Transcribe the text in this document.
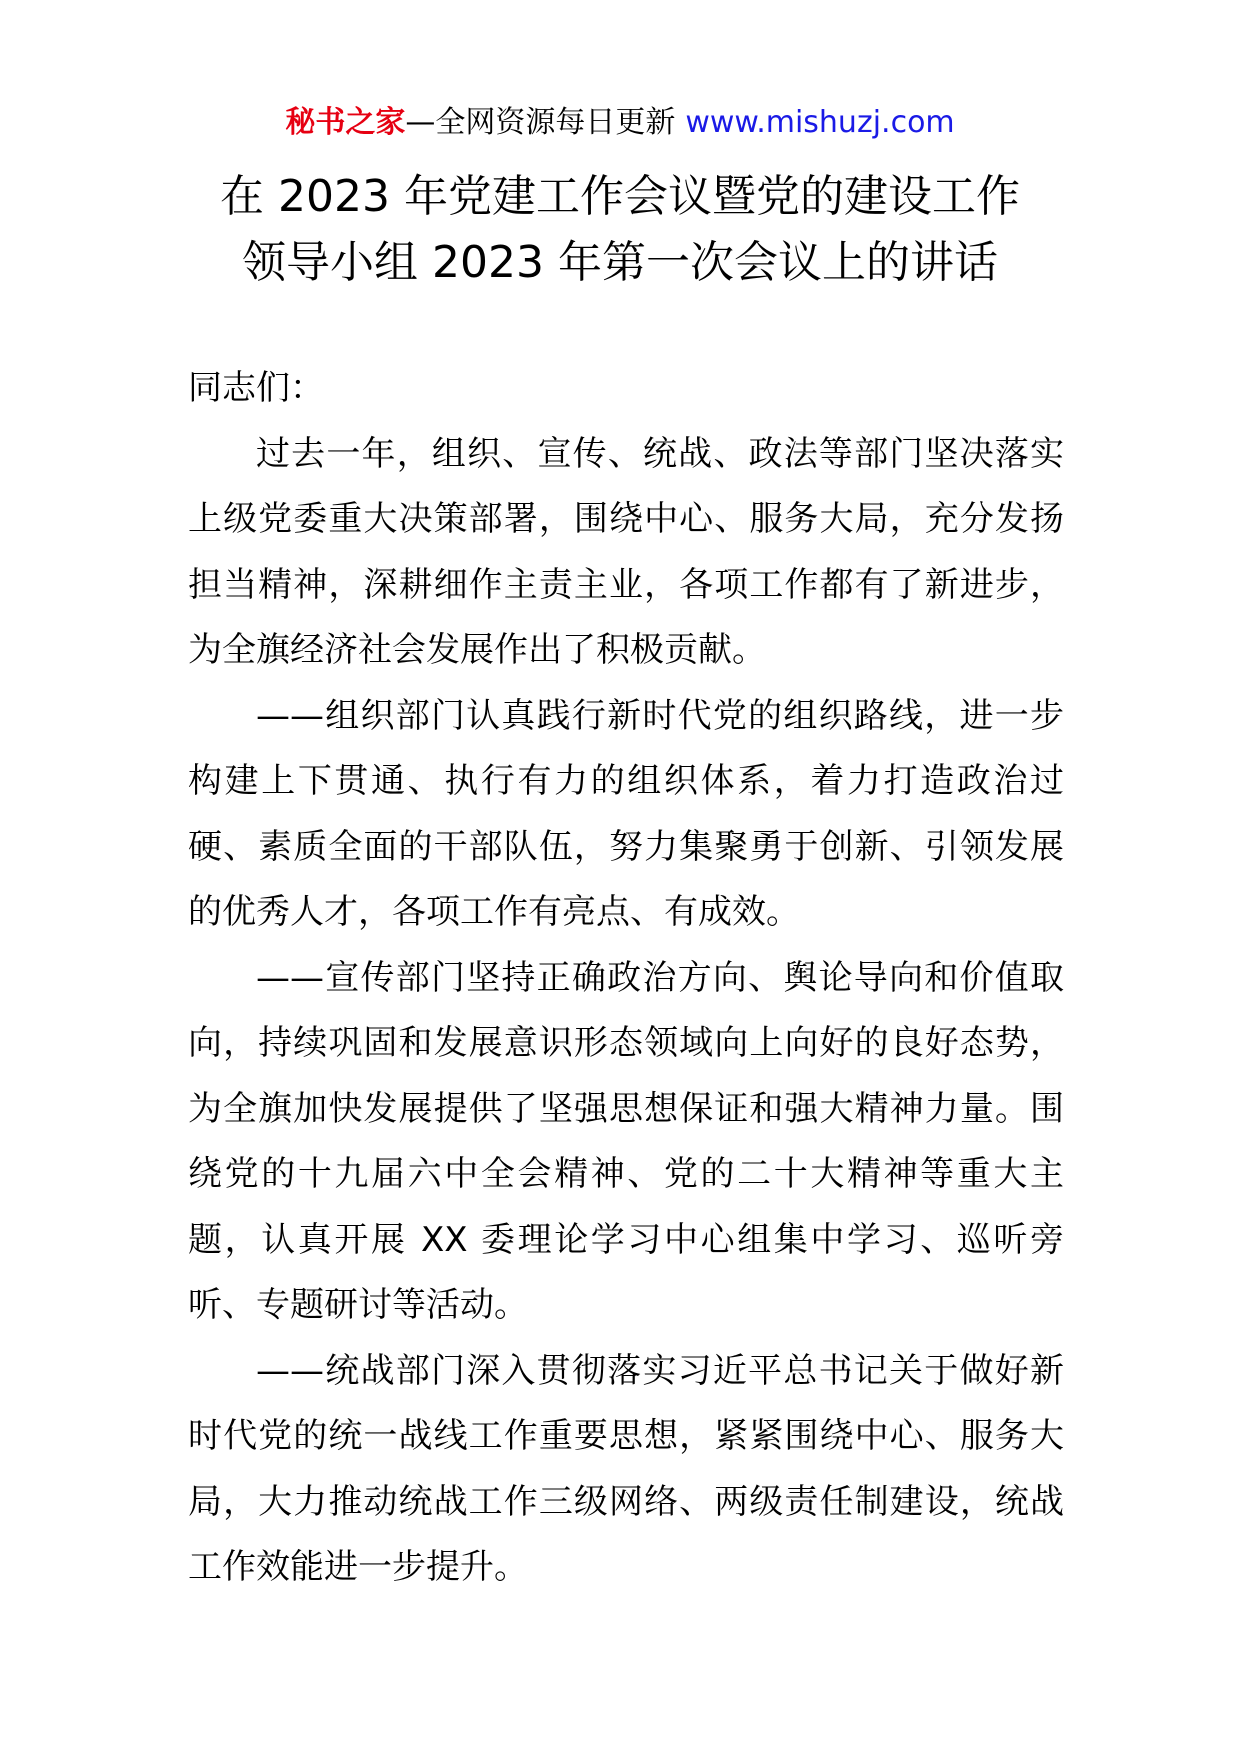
秘书之家—全网资源每日更新 www.mishuzj.com
在 2023 年党建工作会议暨党的建设工作
领导小组 2023 年第一次会议上的讲话

同志们：

过去一年，组织、宣传、统战、政法等部门坚决落实上级党委重大决策部署，围绕中心、服务大局，充分发扬担当精神，深耕细作主责主业，各项工作都有了新进步，为全旗经济社会发展作出了积极贡献。

——组织部门认真践行新时代党的组织路线，进一步构建上下贯通、执行有力的组织体系，着力打造政治过硬、素质全面的干部队伍，努力集聚勇于创新、引领发展的优秀人才，各项工作有亮点、有成效。

——宣传部门坚持正确政治方向、舆论导向和价值取向，持续巩固和发展意识形态领域向上向好的良好态势，为全旗加快发展提供了坚强思想保证和强大精神力量。围绕党的十九届六中全会精神、党的二十大精神等重大主题，认真开展 XX 委理论学习中心组集中学习、巡听旁听、专题研讨等活动。

——统战部门深入贯彻落实习近平总书记关于做好新时代党的统一战线工作重要思想，紧紧围绕中心、服务大局，大力推动统战工作三级网络、两级责任制建设，统战工作效能进一步提升。
